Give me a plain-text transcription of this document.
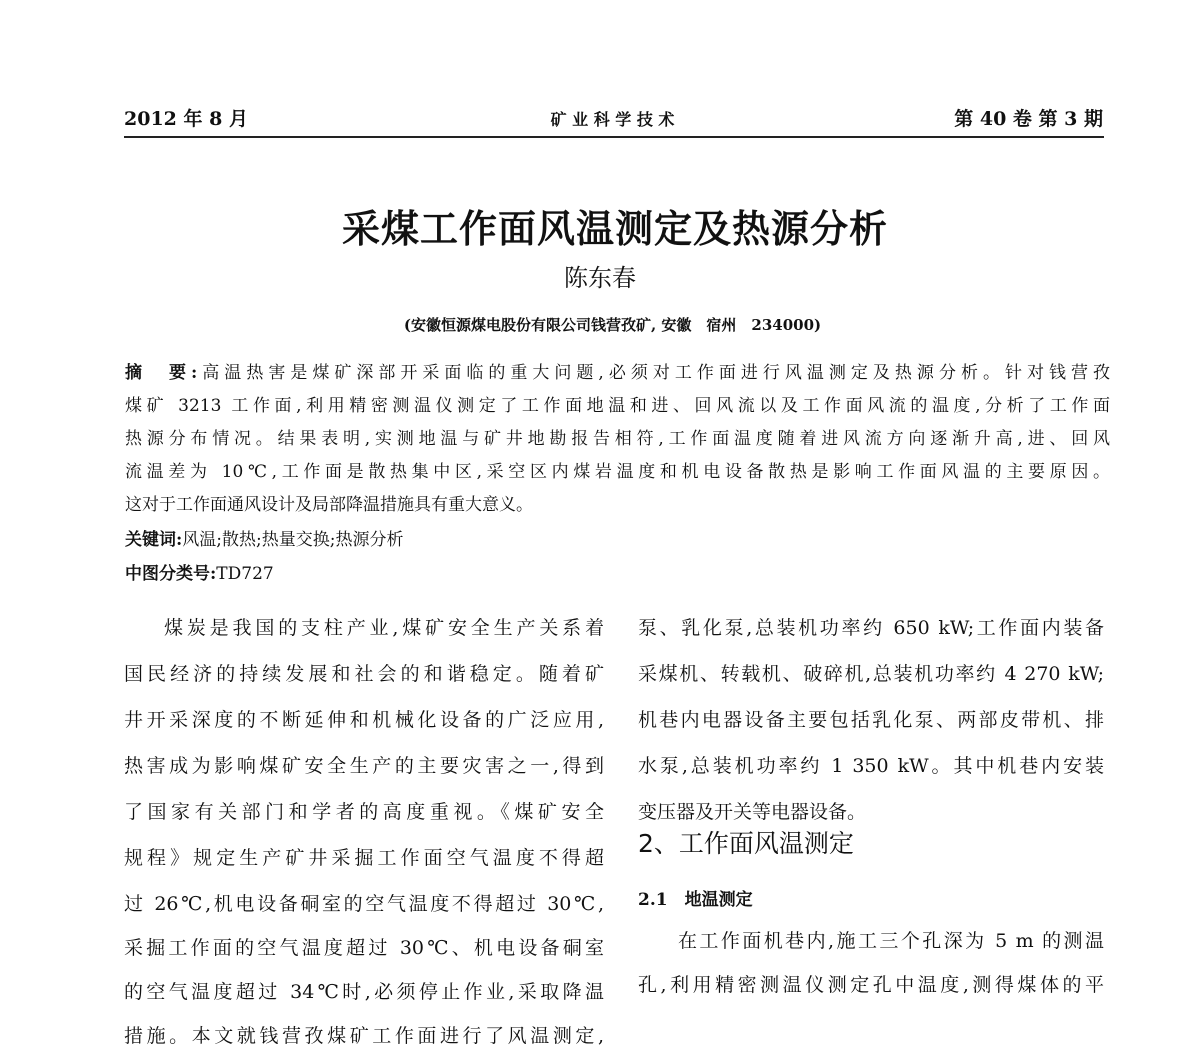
2012 年 8 月	矿 业 科 学 技 术	第 40 卷 第 3 期
采煤工作面风温测定及热源分析
陈东春
(安徽恒源煤电股份有限公司钱营孜矿, 安徽　宿州　234000)
摘　要:高温热害是煤矿深部开采面临的重大问题,必须对工作面进行风温测定及热源分析。针对钱营孜
煤矿 3213 工作面,利用精密测温仪测定了工作面地温和进、回风流以及工作面风流的温度,分析了工作面
热源分布情况。结果表明,实测地温与矿井地勘报告相符,工作面温度随着进风流方向逐渐升高,进、回风
流温差为 10℃,工作面是散热集中区,采空区内煤岩温度和机电设备散热是影响工作面风温的主要原因。
这对于工作面通风设计及局部降温措施具有重大意义。
关键词:风温;散热;热量交换;热源分析
中图分类号:TD727
煤炭是我国的支柱产业,煤矿安全生产关系着
国民经济的持续发展和社会的和谐稳定。随着矿
井开采深度的不断延伸和机械化设备的广泛应用,
热害成为影响煤矿安全生产的主要灾害之一,得到
了国家有关部门和学者的高度重视。《煤矿安全
规程》规定生产矿井采掘工作面空气温度不得超
过 26℃,机电设备硐室的空气温度不得超过 30℃,
采掘工作面的空气温度超过 30℃、机电设备硐室
的空气温度超过 34℃时,必须停止作业,采取降温
措施。本文就钱营孜煤矿工作面进行了风温测定,
泵、乳化泵,总装机功率约 650 kW;工作面内装备
采煤机、转载机、破碎机,总装机功率约 4 270 kW;
机巷内电器设备主要包括乳化泵、两部皮带机、排
水泵,总装机功率约 1 350 kW。其中机巷内安装
变压器及开关等电器设备。
2、工作面风温测定
2.1　地温测定
在工作面机巷内,施工三个孔深为 5 m 的测温
孔,利用精密测温仪测定孔中温度,测得煤体的平
